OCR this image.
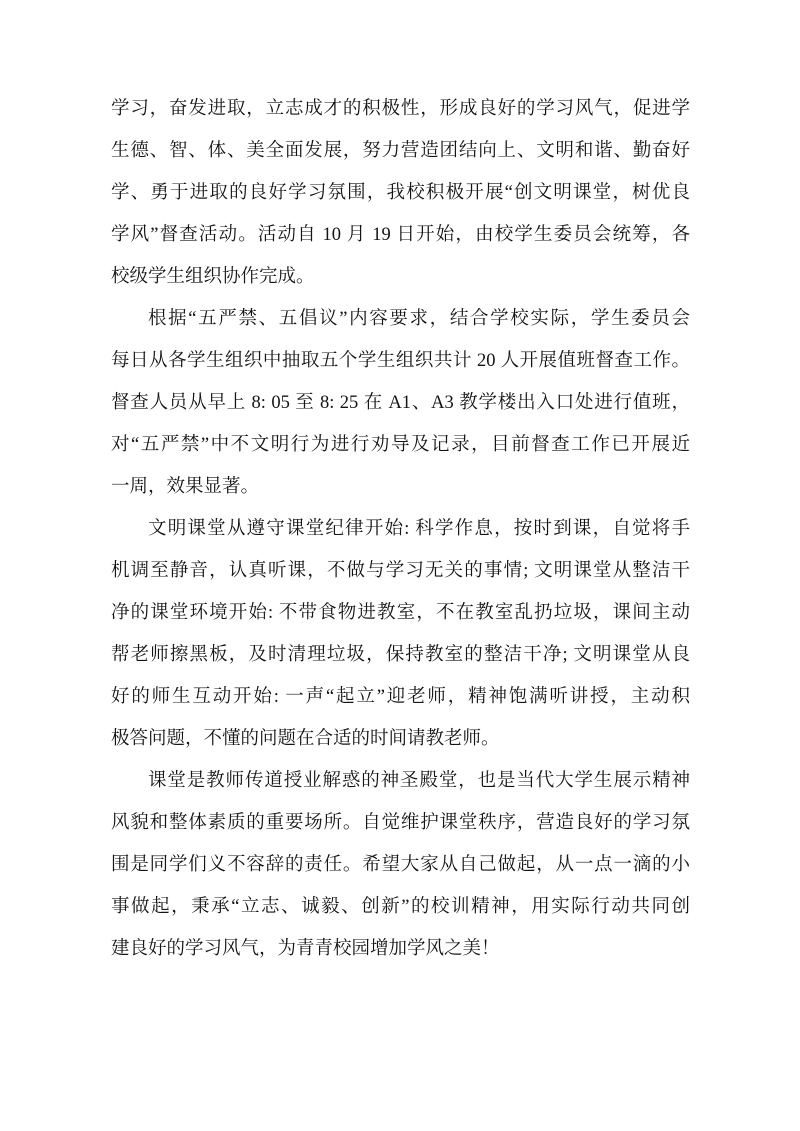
学习，奋发进取，立志成才的积极性，形成良好的学习风气，促进学
生德、智、体、美全面发展，努力营造团结向上、文明和谐、勤奋好
学、勇于进取的良好学习氛围，我校积极开展“创文明课堂，树优良
学风”督查活动。活动自 10 月 19 日开始，由校学生委员会统筹，各
校级学生组织协作完成。
根据“五严禁、五倡议”内容要求，结合学校实际，学生委员会
每日从各学生组织中抽取五个学生组织共计 20 人开展值班督查工作。
督查人员从早上 8: 05 至 8: 25 在 A1、A3 教学楼出入口处进行值班，
对“五严禁”中不文明行为进行劝导及记录，目前督查工作已开展近
一周，效果显著。
文明课堂从遵守课堂纪律开始: 科学作息，按时到课，自觉将手
机调至静音，认真听课，不做与学习无关的事情; 文明课堂从整洁干
净的课堂环境开始: 不带食物进教室，不在教室乱扔垃圾，课间主动
帮老师擦黑板，及时清理垃圾，保持教室的整洁干净; 文明课堂从良
好的师生互动开始: 一声“起立”迎老师，精神饱满听讲授，主动积
极答问题，不懂的问题在合适的时间请教老师。
课堂是教师传道授业解惑的神圣殿堂，也是当代大学生展示精神
风貌和整体素质的重要场所。自觉维护课堂秩序，营造良好的学习氛
围是同学们义不容辞的责任。希望大家从自己做起，从一点一滴的小
事做起，秉承“立志、诚毅、创新”的校训精神，用实际行动共同创
建良好的学习风气，为青青校园增加学风之美！
